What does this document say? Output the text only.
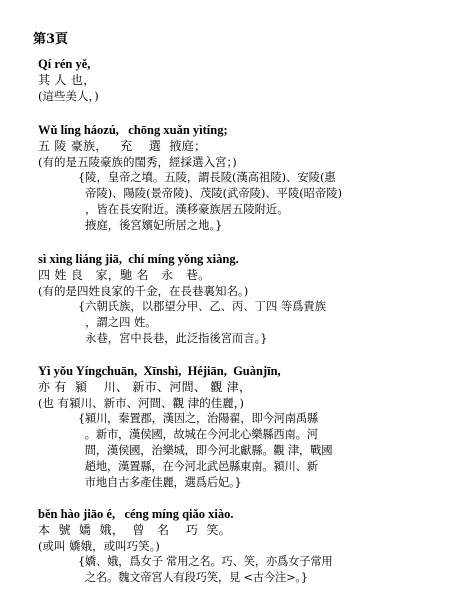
第3頁
Qí rén yě,
其 人 也，
(這些美人，)
Wǔ líng háozú,   chōng xuǎn yìtíng;
五 陵 豪族，   充    選  掖庭；
(有的是五陵豪族的閨秀，經採選入宮；)
{陵，皇帝之墳。五陵，謂長陵(漢高祖陵)、安陵(惠
帝陵)、陽陵(景帝陵)、茂陵(武帝陵)、平陵(昭帝陵)
，皆在長安附近。漢移豪族居五陵附近。
掖庭，後宮嬪妃所居之地。}
sì xìng liáng jiā,  chí míng yǒng xiàng.
四 姓 良   家，馳 名   永   巷。
(有的是四姓良家的千金，在長巷裏知名。)
{六朝氏族，以郡望分甲、乙、丙、丁四 等爲貴族
，謂之四 姓。
永巷，宮中長巷，此泛指後宮而言。}
Yì yǒu Yíngchuān,  Xīnshì,  Héjiān,  Guànjīn,
亦 有  潁    川、 新市、河間、 觀 津，
(也 有潁川、新市、河間、觀 津的佳麗，)
{潁川，秦置郡，漢因之，治陽翟，即今河南禹縣
。新市，漢侯國，故城在今河北心樂縣西南。河
間，漢侯國，治樂城，即今河北獻縣。觀 津，戰國
趙地，漢置縣，在今河北武邑縣東南。潁川、新
市地自古多產佳麗，選爲后妃。}
běn hào jiāo é,   céng míng qiǎo xiào.
本  號  嬌  娥，  曾   名    巧  笑。
(或叫 嬌娥，或叫巧笑。)
{嬌、娥，爲女子 常用之名。巧、笑，亦爲女子常用
之名。魏文帝宮人有段巧笑，見 <古今注>。}
